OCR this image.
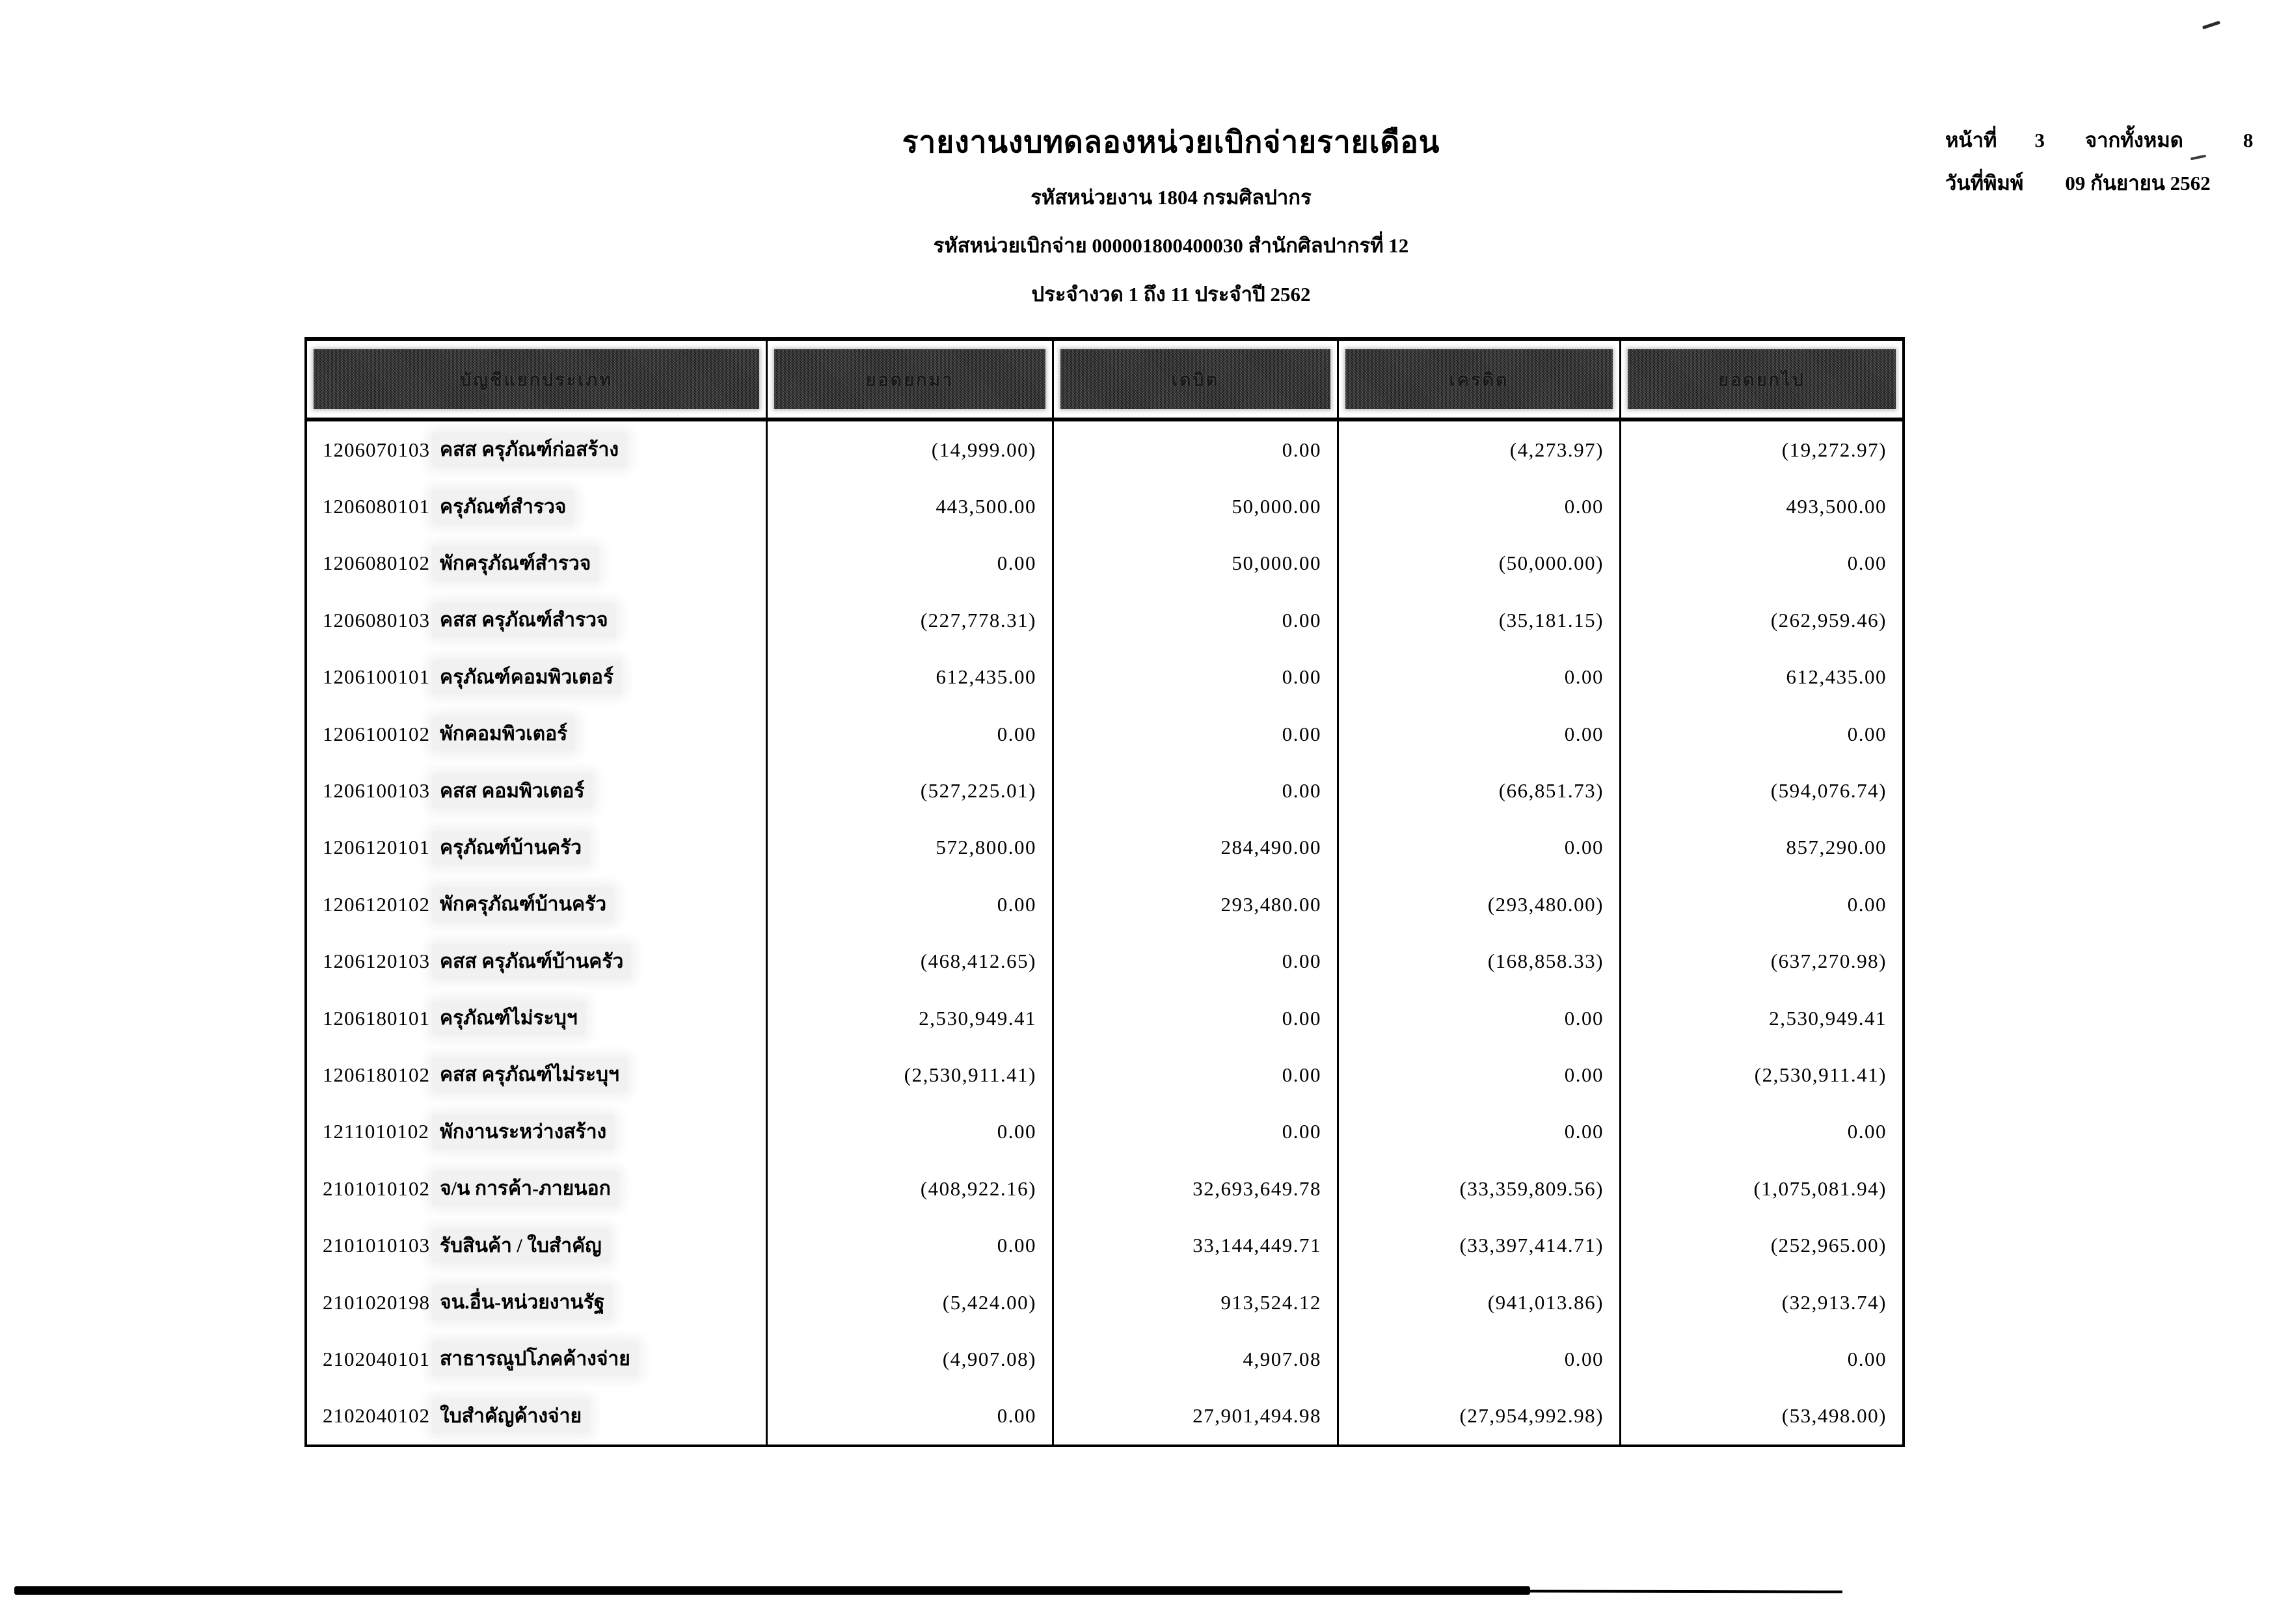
รายงานงบทดลองหน่วยเบิกจ่ายรายเดือน
รหัสหน่วยงาน 1804 กรมศิลปากร
รหัสหน่วยเบิกจ่าย 000001800400030 สำนักศิลปากรที่ 12
ประจำงวด 1 ถึง 11 ประจำปี 2562
หน้าที่ 3 จากทั้งหมด	8
วันที่พิมพ์ 09 กันยายน 2562
บัญชีแยกประเภท	ยอดยกมา	เดบิต	เครดิต	ยอดยกไป
1206070103 คสส ครุภัณฑ์ก่อสร้าง	(14,999.00)	0.00	(4,273.97)	(19,272.97)
1206080101 ครุภัณฑ์สำรวจ	443,500.00	50,000.00	0.00	493,500.00
1206080102 พักครุภัณฑ์สำรวจ	0.00	50,000.00	(50,000.00)	0.00
1206080103 คสส ครุภัณฑ์สำรวจ	(227,778.31)	0.00	(35,181.15)	(262,959.46)
1206100101 ครุภัณฑ์คอมพิวเตอร์	612,435.00	0.00	0.00	612,435.00
1206100102 พักคอมพิวเตอร์	0.00	0.00	0.00	0.00
1206100103 คสส คอมพิวเตอร์	(527,225.01)	0.00	(66,851.73)	(594,076.74)
1206120101 ครุภัณฑ์บ้านครัว	572,800.00	284,490.00	0.00	857,290.00
1206120102 พักครุภัณฑ์บ้านครัว	0.00	293,480.00	(293,480.00)	0.00
1206120103 คสส ครุภัณฑ์บ้านครัว	(468,412.65)	0.00	(168,858.33)	(637,270.98)
1206180101 ครุภัณฑ์ไม่ระบุฯ	2,530,949.41	0.00	0.00	2,530,949.41
1206180102 คสส ครุภัณฑ์ไม่ระบุฯ	(2,530,911.41)	0.00	0.00	(2,530,911.41)
1211010102 พักงานระหว่างสร้าง	0.00	0.00	0.00	0.00
2101010102 จ/น การค้า-ภายนอก	(408,922.16)	32,693,649.78	(33,359,809.56)	(1,075,081.94)
2101010103 รับสินค้า / ใบสำคัญ	0.00	33,144,449.71	(33,397,414.71)	(252,965.00)
2101020198 จน.อื่น-หน่วยงานรัฐ	(5,424.00)	913,524.12	(941,013.86)	(32,913.74)
2102040101 สาธารณูปโภคค้างจ่าย	(4,907.08)	4,907.08	0.00	0.00
2102040102 ใบสำคัญค้างจ่าย	0.00	27,901,494.98	(27,954,992.98)	(53,498.00)
